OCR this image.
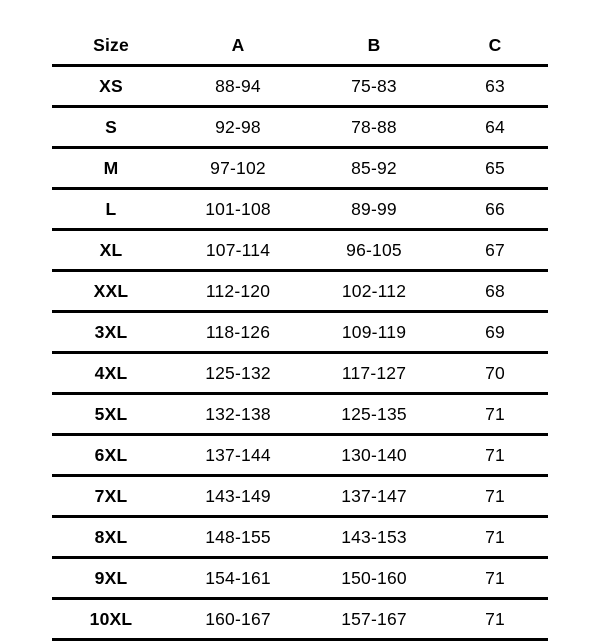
Size	A	B	C
XS	88-94	75-83	63
S	92-98	78-88	64
M	97-102	85-92	65
L	101-108	89-99	66
XL	107-114	96-105	67
XXL	112-120	102-112	68
3XL	118-126	109-119	69
4XL	125-132	117-127	70
5XL	132-138	125-135	71
6XL	137-144	130-140	71
7XL	143-149	137-147	71
8XL	148-155	143-153	71
9XL	154-161	150-160	71
10XL	160-167	157-167	71
